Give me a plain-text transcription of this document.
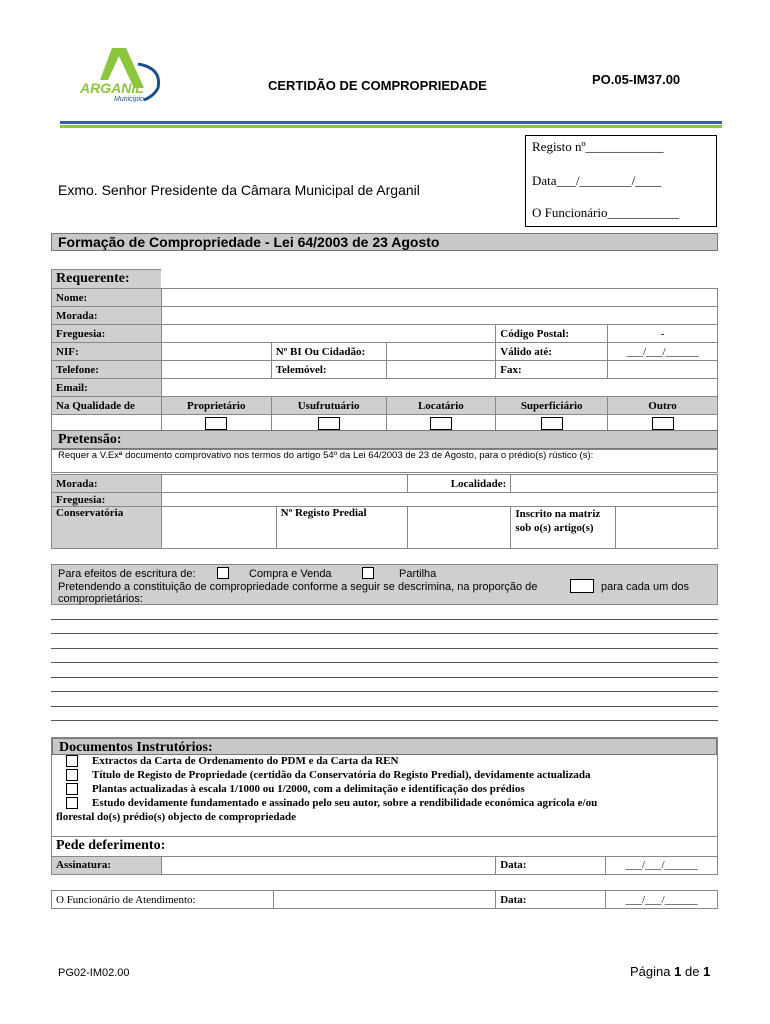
ARGANIL
Município
CERTIDÃO DE COMPROPRIEDADE	PO.05-IM37.00
Registo nº____________
Data___/________/____
O Funcionário___________
Exmo. Senhor Presidente da Câmara Municipal de Arganil
Formação de Compropriedade - Lei 64/2003 de 23 Agosto
Requerente:					
Nome:					
Morada:					
Freguesia:				Código Postal:	-
NIF:		Nº BI Ou Cidadão:		Válido até:	___/___/______
Telefone:		Telemóvel:		Fax:	
Email:					
Na Qualidade de	Proprietário	Usufrutuário	Locatário	Superficiário	Outro

Pretensão:
Requer a V.Exª documento comprovativo nos termos do artigo 54º da Lei 64/2003 de 23 de Agosto, para o prédio(s) rústico (s):
Morada:			Localidade:		
Freguesia:					
Conservatória		Nº Registo Predial		Inscrito na matriz sob o(s) artigo(s)	
Para efeitos de escritura de:	Compra e Venda	Partilha
Pretendendo a constituição de compropriedade conforme a seguir se descrimina, na proporção de	para cada um dos
comproprietários:
Documentos Instrutórios:
Extractos da Carta de Ordenamento do PDM e da Carta da REN
Título de Registo de Propriedade (certidão da Conservatória do Registo Predial), devidamente actualizada
Plantas actualizadas à escala 1/1000 ou 1/2000, com a delimitação e identificação dos prédios
Estudo devidamente fundamentado e assinado pelo seu autor, sobre a rendibilidade económica agrícola e/ou
florestal do(s) prédio(s) objecto de compropriedade
Pede deferimento:
Assinatura:		Data:	___/___/______
O Funcionário de Atendimento:		Data:	___/___/______
PG02-IM02.00	Página 1 de 1
